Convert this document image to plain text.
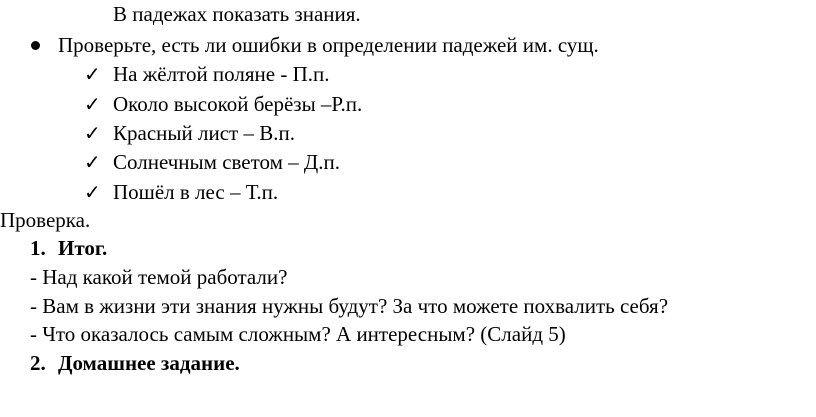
В падежах показать знания.
Проверьте, есть ли ошибки в определении падежей им. сущ.
✓ На жёлтой поляне - П.п.
✓ Около высокой берёзы –Р.п.
✓ Красный лист – В.п.
✓ Солнечным светом – Д.п.
✓ Пошёл в лес – Т.п.
Проверка.
1. Итог.
- Над какой темой работали?
- Вам в жизни эти знания нужны будут? За что можете похвалить себя?
- Что оказалось самым сложным? А интересным? (Слайд 5)
2. Домашнее задание.
